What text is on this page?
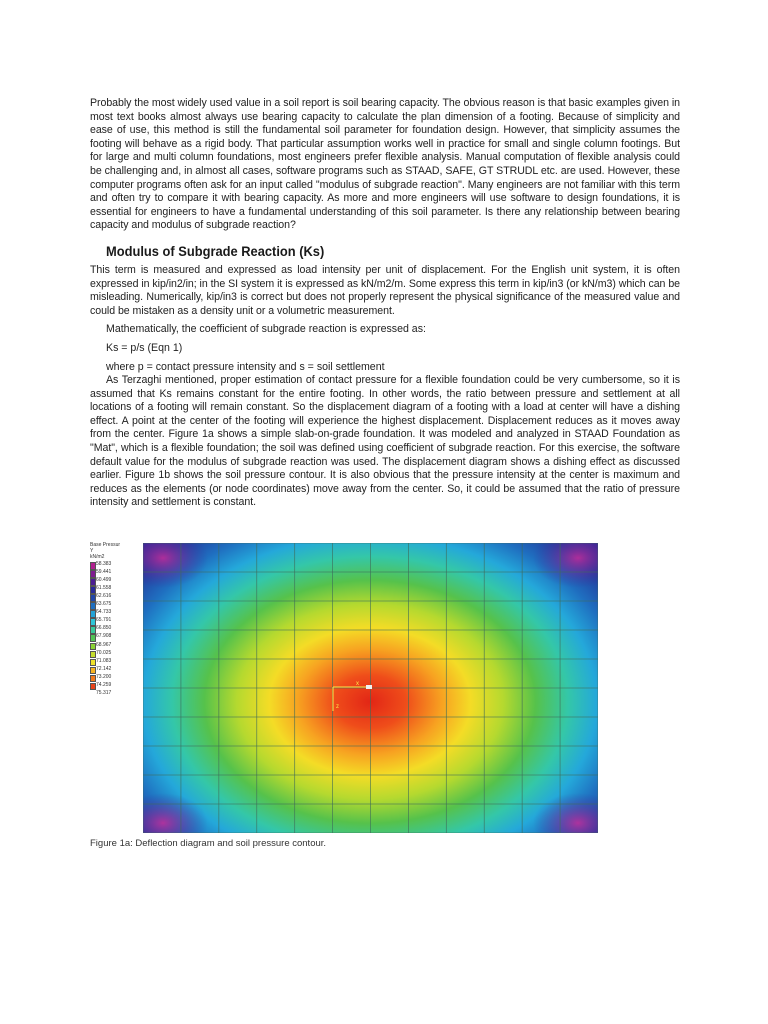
Probably the most widely used value in a soil report is soil bearing capacity. The obvious reason is that basic examples given in most text books almost always use bearing capacity to calculate the plan dimension of a footing. Because of simplicity and ease of use, this method is still the fundamental soil parameter for foundation design. However, that simplicity assumes the footing will behave as a rigid body. That particular assumption works well in practice for small and single column footings. But for large and multi column foundations, most engineers prefer flexible analysis. Manual computation of flexible analysis could be challenging and, in almost all cases, software programs such as STAAD, SAFE, GT STRUDL etc. are used. However, these computer programs often ask for an input called "modulus of subgrade reaction". Many engineers are not familiar with this term and often try to compare it with bearing capacity. As more and more engineers will use software to design foundations, it is essential for engineers to have a fundamental understanding of this soil parameter. Is there any relationship between bearing capacity and modulus of subgrade reaction?

Modulus of Subgrade Reaction (Ks)

This term is measured and expressed as load intensity per unit of displacement. For the English unit system, it is often expressed in kip/in2/in; in the SI system it is expressed as kN/m2/m. Some express this term in kip/in3 (or kN/m3) which can be misleading. Numerically, kip/in3 is correct but does not properly represent the physical significance of the measured value and could be mistaken as a density unit or a volumetric measurement.

Mathematically, the coefficient of subgrade reaction is expressed as:
Ks = p/s (Eqn 1)
where p = contact pressure intensity and s = soil settlement

As Terzaghi mentioned, proper estimation of contact pressure for a flexible foundation could be very cumbersome, so it is assumed that Ks remains constant for the entire footing. In other words, the ratio between pressure and settlement at all locations of a footing will remain constant. So the displacement diagram of a footing with a load at center will have a dishing effect. A point at the center of the footing will experience the highest displacement. Displacement reduces as it moves away from the center. Figure 1a shows a simple slab-on-grade foundation. It was modeled and analyzed in STAAD Foundation as "Mat", which is a flexible foundation; the soil was defined using coefficient of subgrade reaction. For this exercise, the software default value for the modulus of subgrade reaction was used. The displacement diagram shows a dishing effect as discussed earlier. Figure 1b shows the soil pressure contour. It is also obvious that the pressure intensity at the center is maximum and reduces as the elements (or node coordinates) move away from the center. So, it could be assumed that the ratio of pressure intensity and settlement is constant.

Base Pressur
Y
kN/m2
58.383
59.441
60.499
61.558
62.616
63.675
64.733
65.791
66.850
67.908
68.967
70.025
71.083
72.142
73.200
74.259
75.317
x
z
Figure 1a: Deflection diagram and soil pressure contour.
